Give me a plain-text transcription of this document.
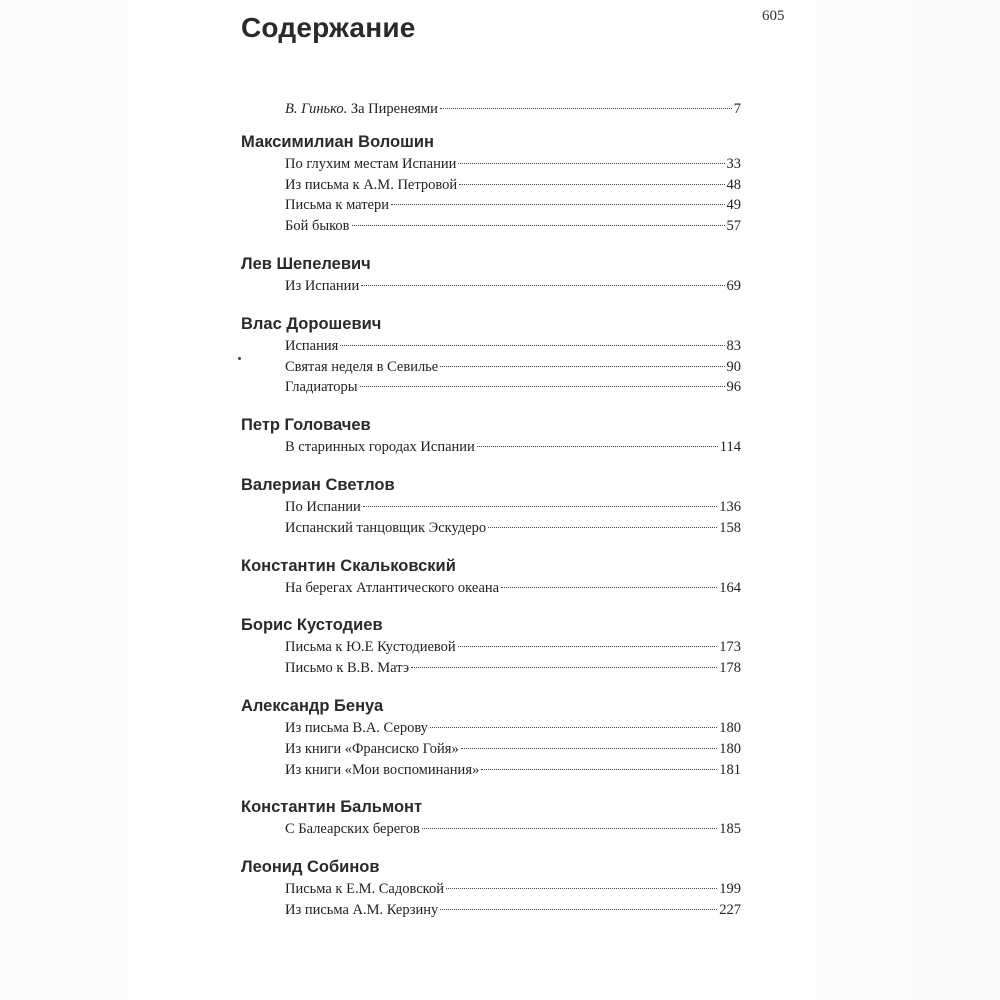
605
Содержание
В. Гинько. За Пиренеями	7
Максимилиан Волошин
По глухим местам Испании	33
Из письма к А.М. Петровой	48
Письма к матери	49
Бой быков	57
Лев Шепелевич
Из Испании	69
Влас Дорошевич
Испания	83
Святая неделя в Севилье	90
Гладиаторы	96
Петр Головачев
В старинных городах Испании	114
Валериан Светлов
По Испании	136
Испанский танцовщик Эскудеро	158
Константин Скальковский
На берегах Атлантического океана	164
Борис Кустодиев
Письма к Ю.Е Кустодиевой	173
Письмо к В.В. Матэ	178
Александр Бенуа
Из письма В.А. Серову	180
Из книги «Франсиско Гойя»	180
Из книги «Мои воспоминания»	181
Константин Бальмонт
С Балеарских берегов	185
Леонид Собинов
Письма к Е.М. Садовской	199
Из письма А.М. Керзину	227
